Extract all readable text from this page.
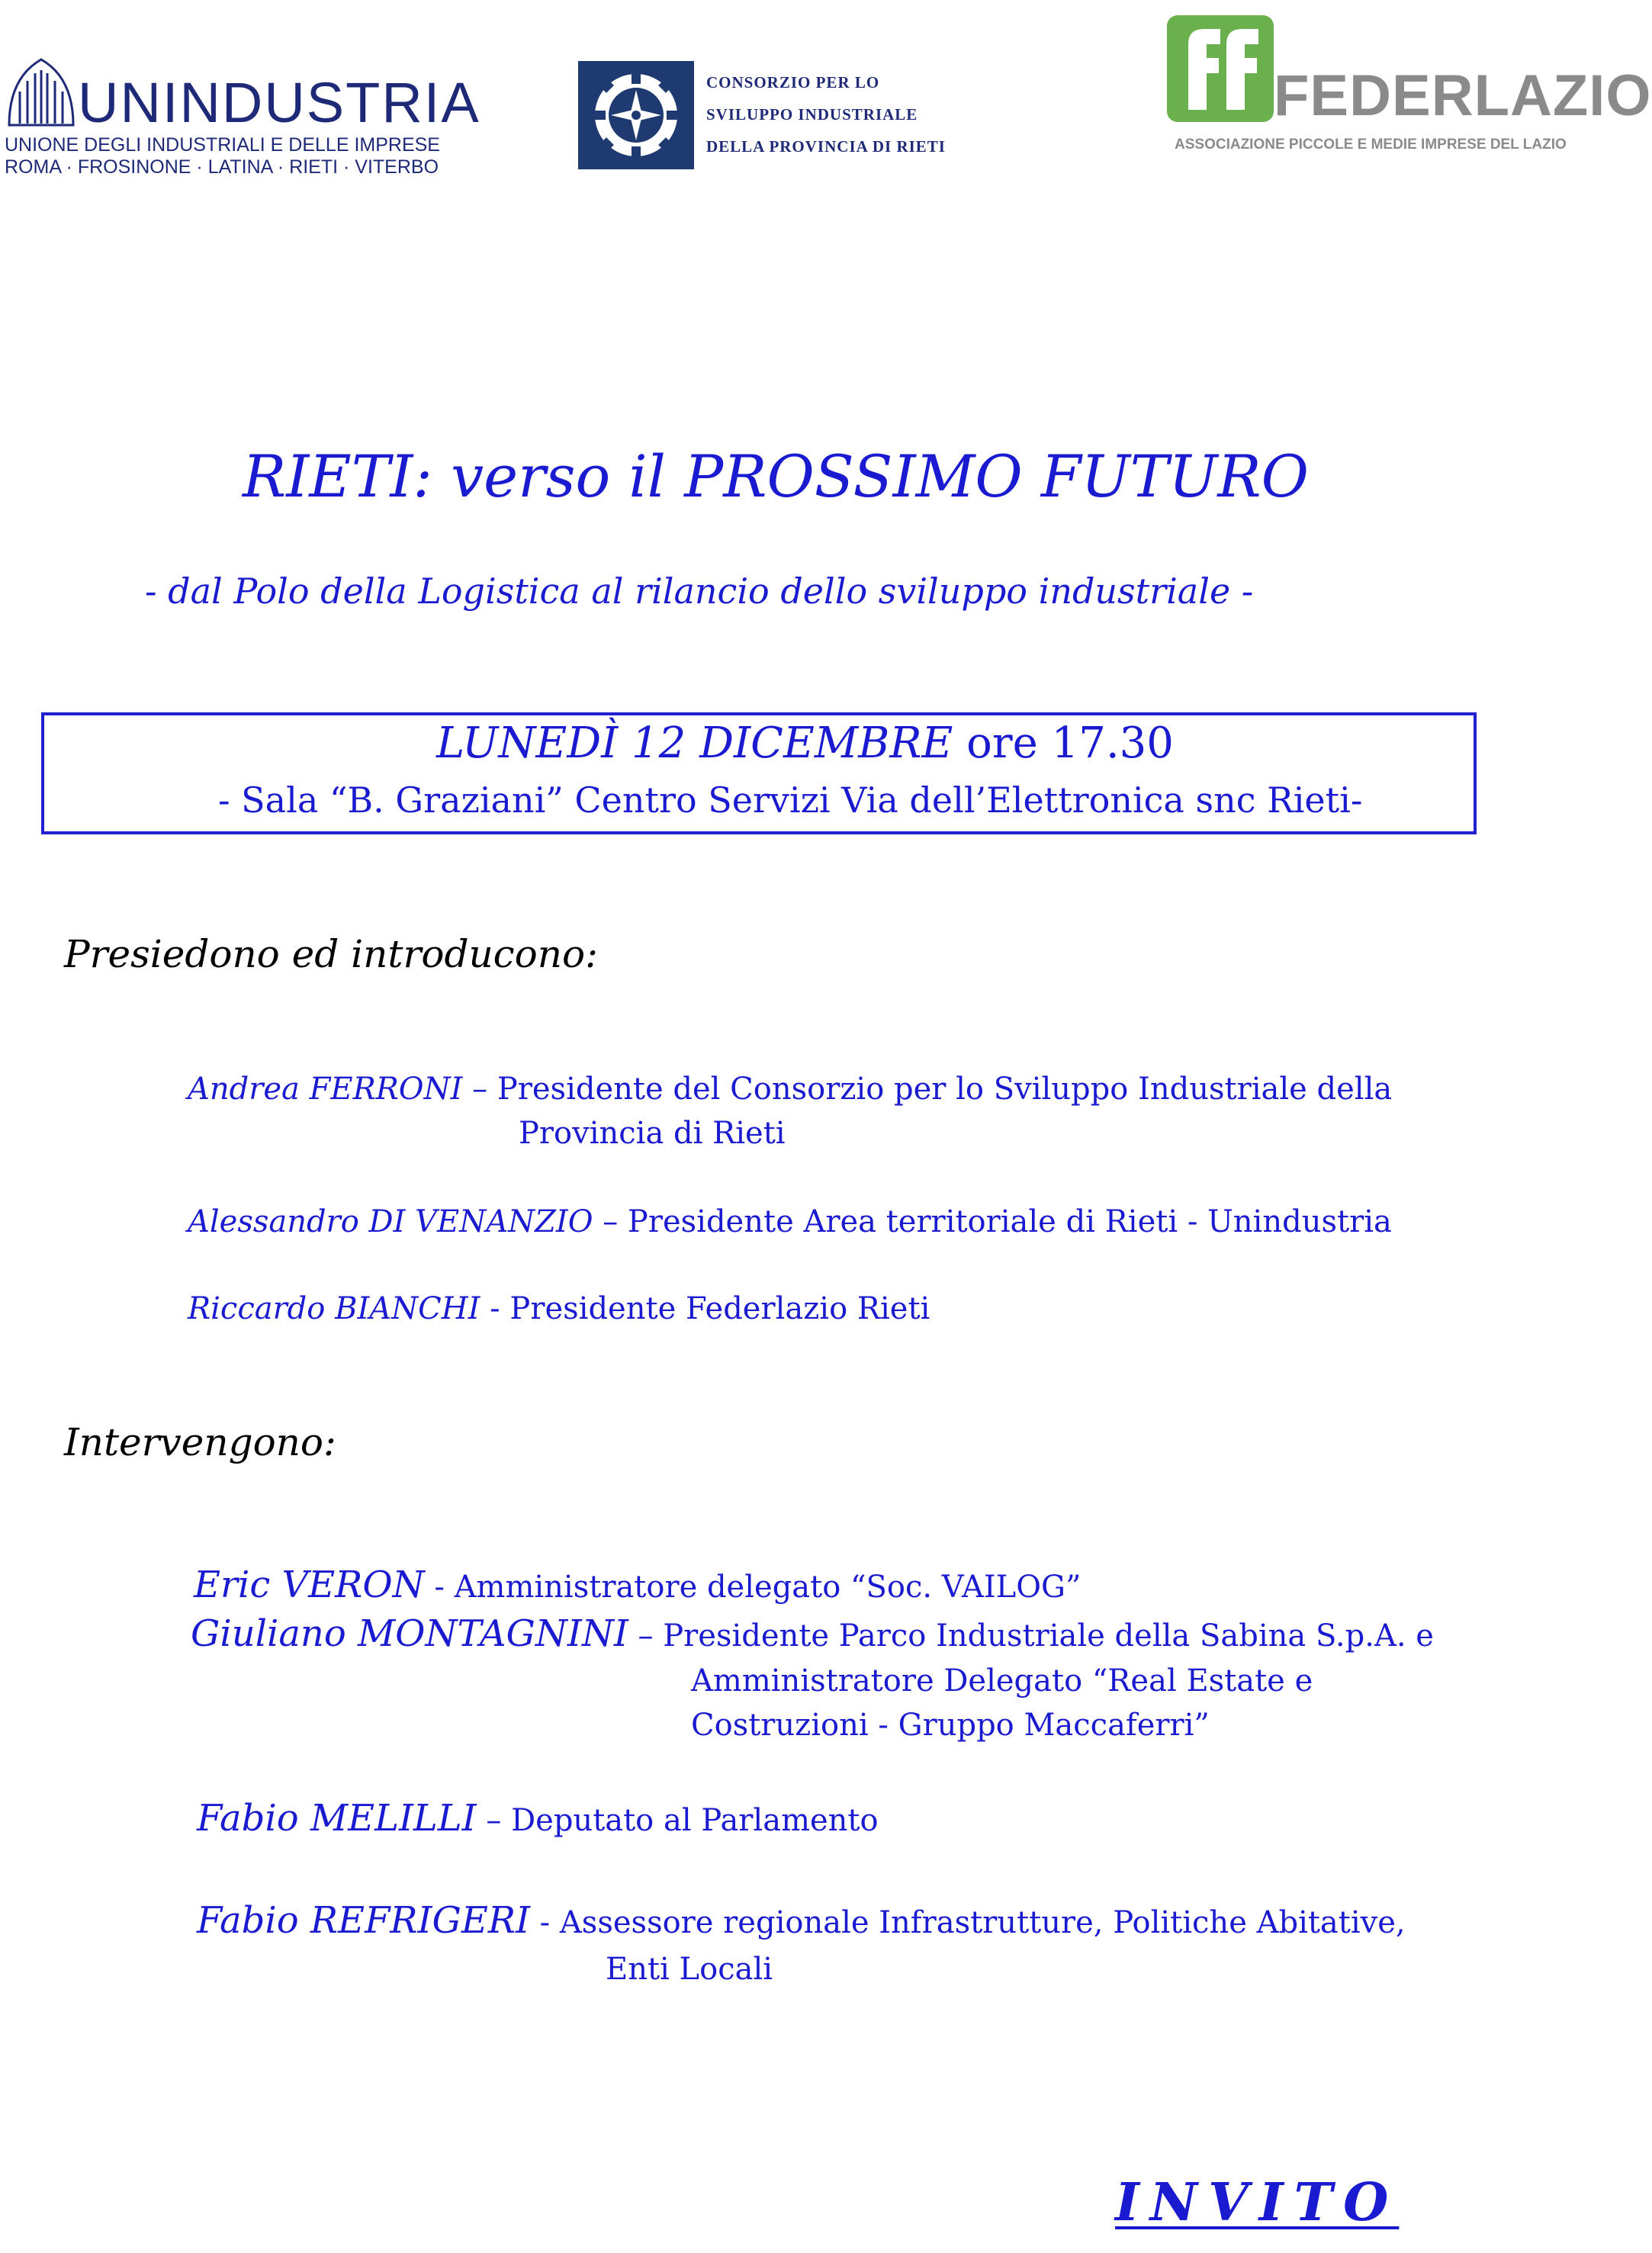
UNINDUSTRIA
UNIONE DEGLI INDUSTRIALI E DELLE IMPRESE
ROMA · FROSINONE · LATINA · RIETI · VITERBO
CONSORZIO PER LO
SVILUPPO INDUSTRIALE
DELLA PROVINCIA DI RIETI
FEDERLAZIO
ASSOCIAZIONE PICCOLE E MEDIE IMPRESE DEL LAZIO
RIETI: verso il PROSSIMO FUTURO
- dal Polo della Logistica al rilancio dello sviluppo industriale -
LUNEDÌ 12 DICEMBRE ore 17.30
- Sala “B. Graziani” Centro Servizi Via dell’Elettronica snc Rieti-
Presiedono ed introducono:
Andrea FERRONI – Presidente del Consorzio per lo Sviluppo Industriale della
Provincia di Rieti
Alessandro DI VENANZIO – Presidente Area territoriale di Rieti - Unindustria
Riccardo BIANCHI - Presidente Federlazio Rieti
Intervengono:
Eric VERON - Amministratore delegato “Soc. VAILOG”
Giuliano MONTAGNINI – Presidente Parco Industriale della Sabina S.p.A. e
Amministratore Delegato “Real Estate e
Costruzioni - Gruppo Maccaferri”
Fabio MELILLI – Deputato al Parlamento
Fabio REFRIGERI - Assessore regionale Infrastrutture, Politiche Abitative,
Enti Locali
INVITO
